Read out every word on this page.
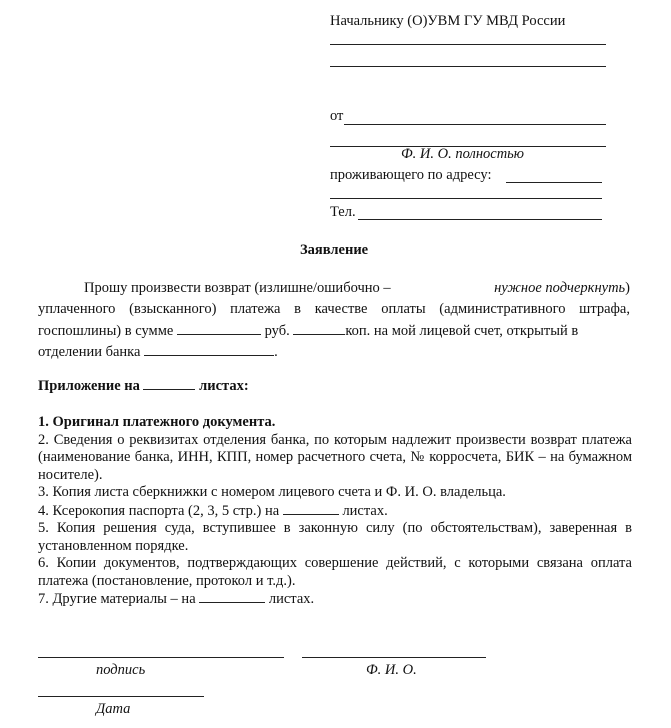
Начальнику (О)УВМ ГУ МВД России
от
Ф. И. О. полностью
проживающего по адресу:
Тел.
Заявление
Прошу произвести возврат (излишне/ошибочно –	нужное подчеркнуть)
уплаченного (взысканного) платежа в качестве оплаты (административного штрафа,
госпошлины) в сумме	руб.	коп. на мой лицевой счет, открытый в
отделении банка	.
Приложение на	листах:

1. Оригинал платежного документа.

2. Сведения о реквизитах отделения банка, по которым надлежит произвести возврат платежа (наименование банка, ИНН, КПП, номер расчетного счета, № корросчета, БИК – на бумажном носителе).

3. Копия листа сберкнижки с номером лицевого счета и Ф. И. О. владельца.

4. Ксерокопия паспорта (2, 3, 5 стр.) на	листах.

5. Копия решения суда, вступившее в законную силу (по обстоятельствам), заверенная в установленном порядке.

6. Копии документов, подтверждающих совершение действий, с которыми связана оплата платежа (постановление, протокол и т.д.).

7. Другие материалы – на	листах.

подпись	Ф. И. О.
Дата
